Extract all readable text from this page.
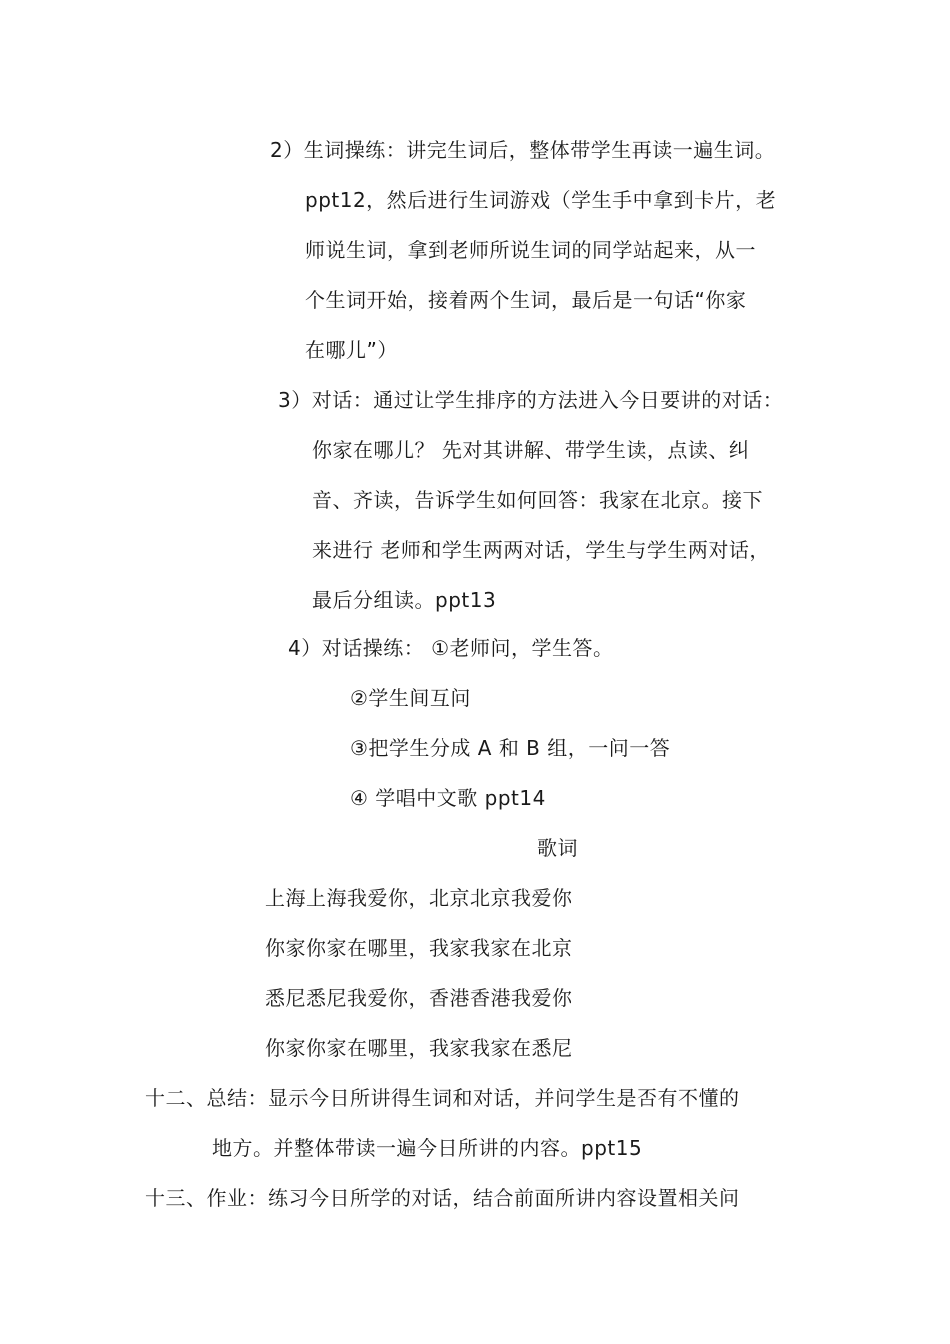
2）生词操练：讲完生词后，整体带学生再读一遍生词。
ppt12，然后进行生词游戏（学生手中拿到卡片，老
师说生词，拿到老师所说生词的同学站起来，从一
个生词开始，接着两个生词，最后是一句话“你家
在哪儿”）
3）对话：通过让学生排序的方法进入今日要讲的对话：
你家在哪儿？ 先对其讲解、带学生读，点读、纠
音、齐读，告诉学生如何回答：我家在北京。接下
来进行 老师和学生两两对话，学生与学生两对话，
最后分组读。ppt13
4）对话操练： ①老师问，学生答。
②学生间互问
③把学生分成 A 和 B 组，一问一答
④ 学唱中文歌 ppt14
歌词
上海上海我爱你，北京北京我爱你
你家你家在哪里，我家我家在北京
悉尼悉尼我爱你，香港香港我爱你
你家你家在哪里，我家我家在悉尼
十二、总结：显示今日所讲得生词和对话，并问学生是否有不懂的
地方。并整体带读一遍今日所讲的内容。ppt15
十三、作业：练习今日所学的对话，结合前面所讲内容设置相关问
